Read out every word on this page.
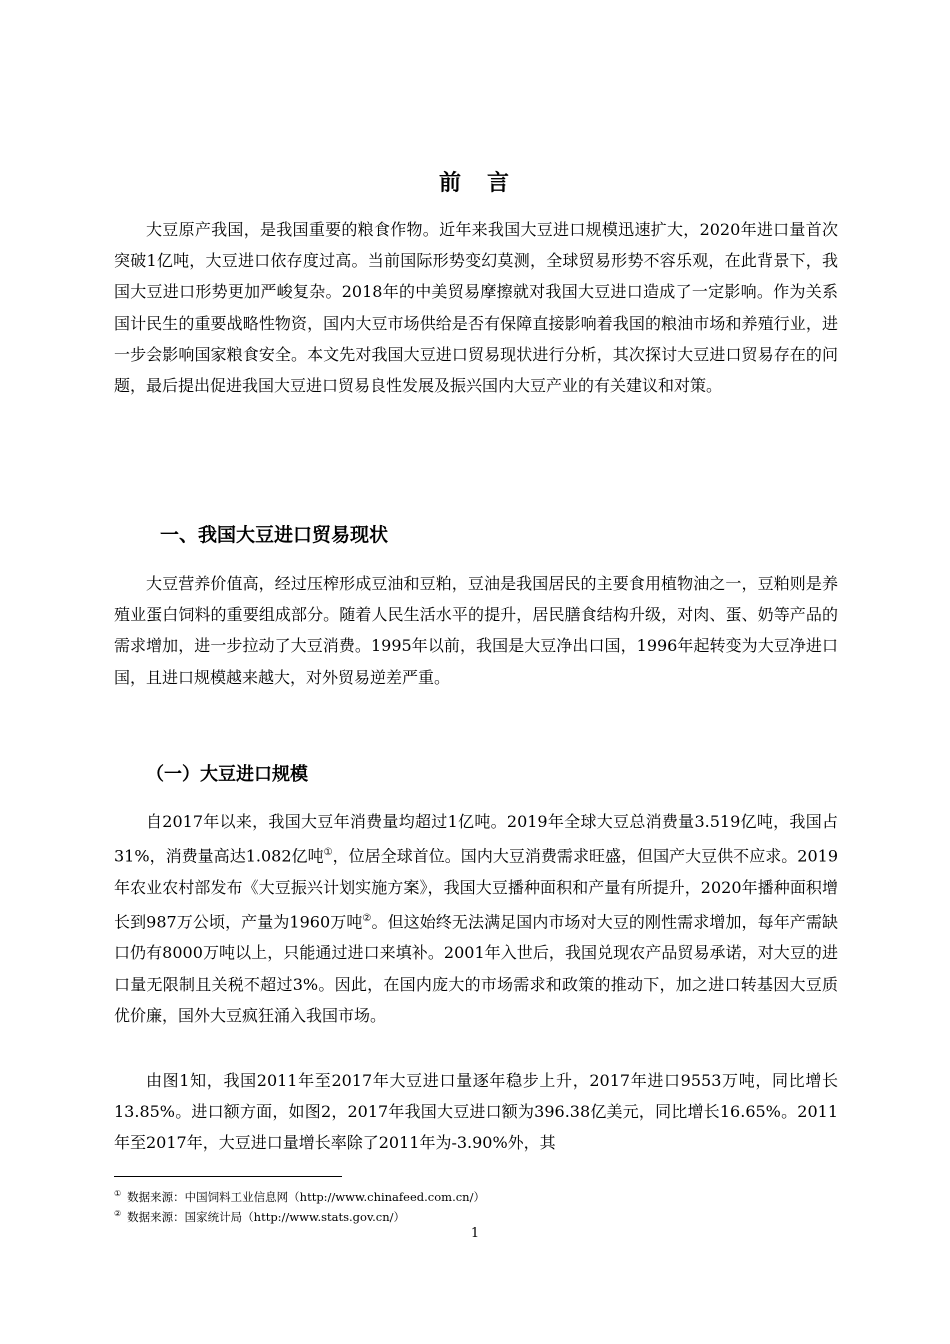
前　言

大豆原产我国，是我国重要的粮食作物。近年来我国大豆进口规模迅速扩大，2020年进口量首次突破1亿吨，大豆进口依存度过高。当前国际形势变幻莫测，全球贸易形势不容乐观，在此背景下，我国大豆进口形势更加严峻复杂。2018年的中美贸易摩擦就对我国大豆进口造成了一定影响。作为关系国计民生的重要战略性物资，国内大豆市场供给是否有保障直接影响着我国的粮油市场和养殖行业，进一步会影响国家粮食安全。本文先对我国大豆进口贸易现状进行分析，其次探讨大豆进口贸易存在的问题，最后提出促进我国大豆进口贸易良性发展及振兴国内大豆产业的有关建议和对策。

一、我国大豆进口贸易现状

大豆营养价值高，经过压榨形成豆油和豆粕，豆油是我国居民的主要食用植物油之一，豆粕则是养殖业蛋白饲料的重要组成部分。随着人民生活水平的提升，居民膳食结构升级，对肉、蛋、奶等产品的需求增加，进一步拉动了大豆消费。1995年以前，我国是大豆净出口国，1996年起转变为大豆净进口国，且进口规模越来越大，对外贸易逆差严重。

（一）大豆进口规模

自2017年以来，我国大豆年消费量均超过1亿吨。2019年全球大豆总消费量3.519亿吨，我国占31%，消费量高达1.082亿吨①，位居全球首位。国内大豆消费需求旺盛，但国产大豆供不应求。2019年农业农村部发布《大豆振兴计划实施方案》，我国大豆播种面积和产量有所提升，2020年播种面积增长到987万公顷，产量为1960万吨②。但这始终无法满足国内市场对大豆的刚性需求增加，每年产需缺口仍有8000万吨以上，只能通过进口来填补。2001年入世后，我国兑现农产品贸易承诺，对大豆的进口量无限制且关税不超过3%。因此，在国内庞大的市场需求和政策的推动下，加之进口转基因大豆质优价廉，国外大豆疯狂涌入我国市场。

由图1知，我国2011年至2017年大豆进口量逐年稳步上升，2017年进口9553万吨，同比增长13.85%。进口额方面，如图2，2017年我国大豆进口额为396.38亿美元，同比增长16.65%。2011年至2017年，大豆进口量增长率除了2011年为-3.90%外，其

① 数据来源：中国饲料工业信息网（http://www.chinafeed.com.cn/）
② 数据来源：国家统计局（http://www.stats.gov.cn/）
1
